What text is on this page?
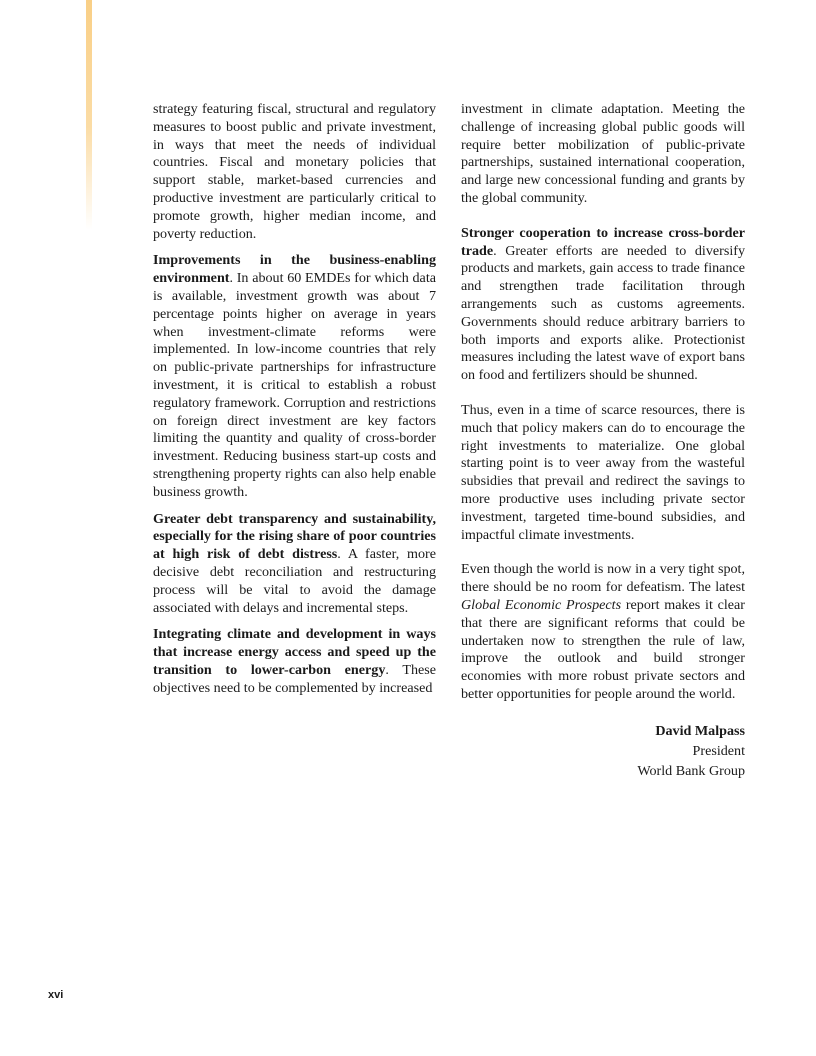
strategy featuring fiscal, structural and regulatory measures to boost public and private investment, in ways that meet the needs of individual countries. Fiscal and monetary policies that support stable, market-based currencies and productive investment are particularly critical to promote growth, higher median income, and poverty reduction.

Improvements in the business-enabling environment. In about 60 EMDEs for which data is available, investment growth was about 7 percentage points higher on average in years when investment-climate reforms were implemented. In low-income countries that rely on public-private partnerships for infrastructure investment, it is critical to establish a robust regulatory framework. Corruption and restrictions on foreign direct investment are key factors limiting the quantity and quality of cross-border investment. Reducing business start-up costs and strengthening property rights can also help enable business growth.

Greater debt transparency and sustainability, especially for the rising share of poor countries at high risk of debt distress. A faster, more decisive debt reconciliation and restructuring process will be vital to avoid the damage associated with delays and incremental steps.

Integrating climate and development in ways that increase energy access and speed up the transition to lower-carbon energy. These objectives need to be complemented by increased

investment in climate adaptation. Meeting the challenge of increasing global public goods will require better mobilization of public-private partnerships, sustained international cooperation, and large new concessional funding and grants by the global community.

Stronger cooperation to increase cross-border trade. Greater efforts are needed to diversify products and markets, gain access to trade finance and strengthen trade facilitation through arrangements such as customs agreements. Governments should reduce arbitrary barriers to both imports and exports alike. Protectionist measures including the latest wave of export bans on food and fertilizers should be shunned.

Thus, even in a time of scarce resources, there is much that policy makers can do to encourage the right investments to materialize. One global starting point is to veer away from the wasteful subsidies that prevail and redirect the savings to more productive uses including private sector investment, targeted time-bound subsidies, and impactful climate investments.

Even though the world is now in a very tight spot, there should be no room for defeatism. The latest Global Economic Prospects report makes it clear that there are significant reforms that could be undertaken now to strengthen the rule of law, improve the outlook and build stronger economies with more robust private sectors and better opportunities for people around the world.

David Malpass
President
World Bank Group
xvi
